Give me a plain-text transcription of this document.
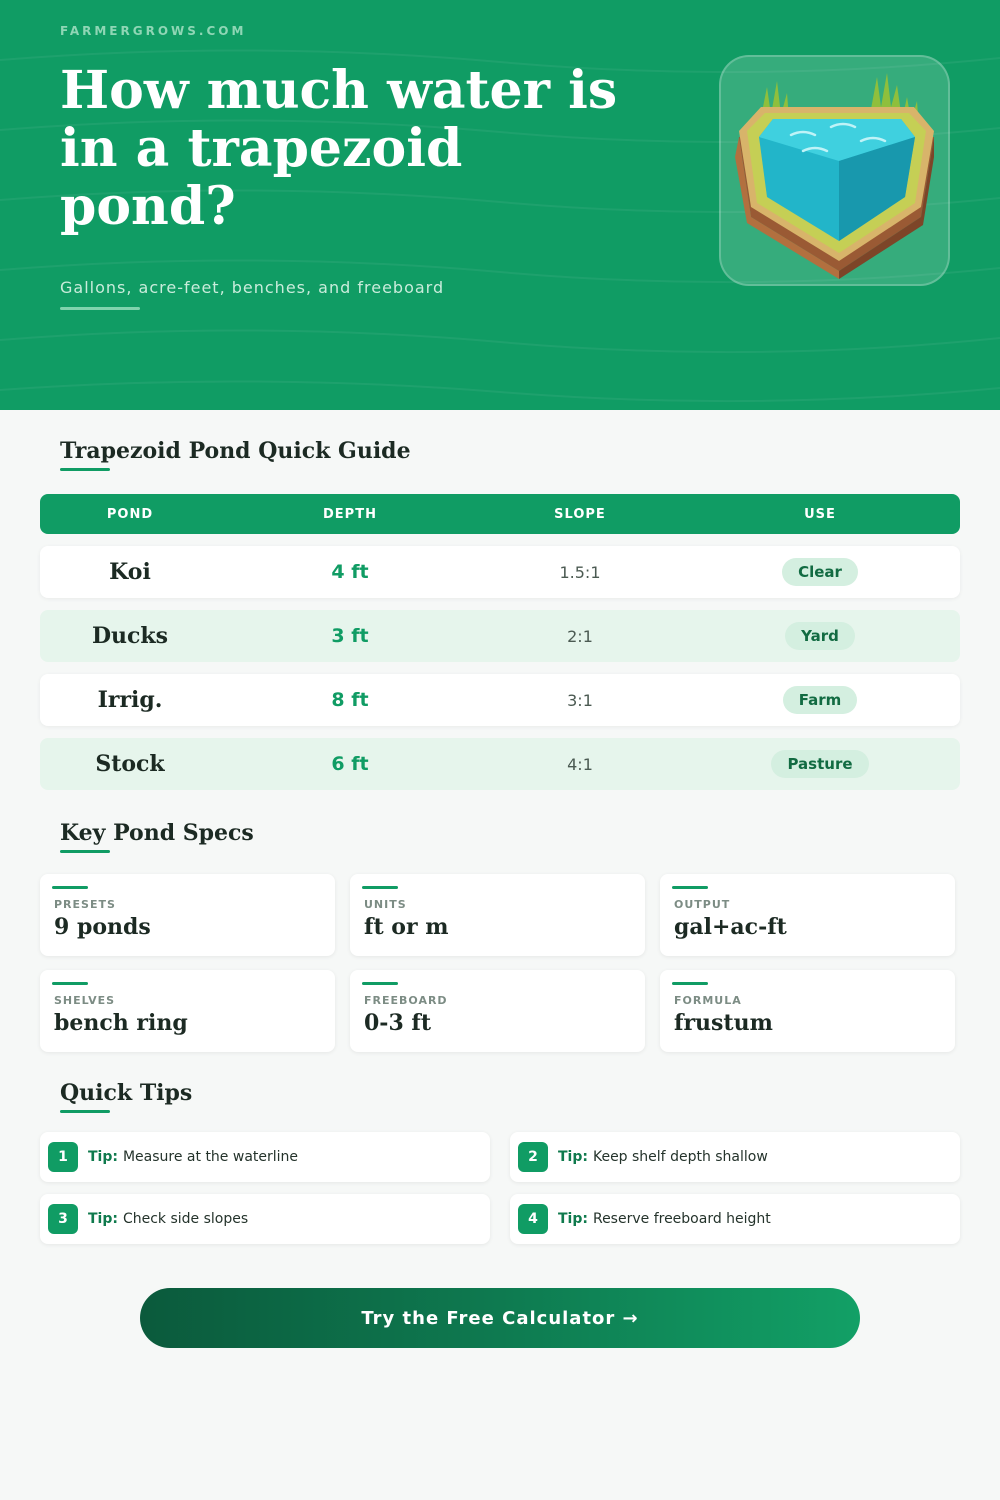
FARMERGROWS.COM
How much water is in a trapezoid pond?
Gallons, acre-feet, benches, and freeboard
Trapezoid Pond Quick Guide
POND	DEPTH	SLOPE	USE
Koi	4 ft	1.5:1	Clear
Ducks	3 ft	2:1	Yard
Irrig.	8 ft	3:1	Farm
Stock	6 ft	4:1	Pasture
Key Pond Specs
PRESETS
9 ponds
UNITS
ft or m
OUTPUT
gal+ac-ft
SHELVES
bench ring
FREEBOARD
0-3 ft
FORMULA
frustum
Quick Tips
1	Tip: Measure at the waterline	2	Tip: Keep shelf depth shallow
3	Tip: Check side slopes	4	Tip: Reserve freeboard height
Try the Free Calculator →
